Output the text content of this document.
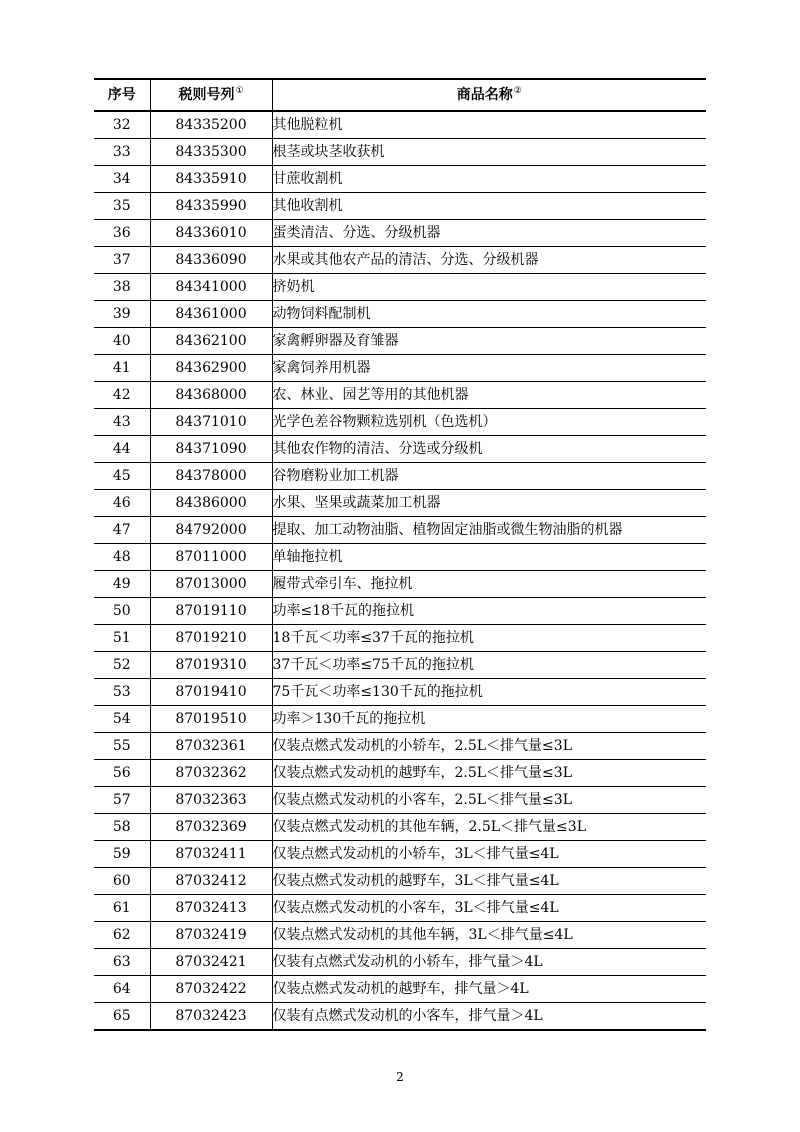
序号	税则号列①	商品名称②
32	84335200	其他脱粒机
33	84335300	根茎或块茎收获机
34	84335910	甘蔗收割机
35	84335990	其他收割机
36	84336010	蛋类清洁、分选、分级机器
37	84336090	水果或其他农产品的清洁、分选、分级机器
38	84341000	挤奶机
39	84361000	动物饲料配制机
40	84362100	家禽孵卵器及育雏器
41	84362900	家禽饲养用机器
42	84368000	农、林业、园艺等用的其他机器
43	84371010	光学色差谷物颗粒选别机（色选机）
44	84371090	其他农作物的清洁、分选或分级机
45	84378000	谷物磨粉业加工机器
46	84386000	水果、坚果或蔬菜加工机器
47	84792000	提取、加工动物油脂、植物固定油脂或微生物油脂的机器
48	87011000	单轴拖拉机
49	87013000	履带式牵引车、拖拉机
50	87019110	功率≤18千瓦的拖拉机
51	87019210	18千瓦＜功率≤37千瓦的拖拉机
52	87019310	37千瓦＜功率≤75千瓦的拖拉机
53	87019410	75千瓦＜功率≤130千瓦的拖拉机
54	87019510	功率＞130千瓦的拖拉机
55	87032361	仅装点燃式发动机的小轿车，2.5L＜排气量≤3L
56	87032362	仅装点燃式发动机的越野车，2.5L＜排气量≤3L
57	87032363	仅装点燃式发动机的小客车，2.5L＜排气量≤3L
58	87032369	仅装点燃式发动机的其他车辆，2.5L＜排气量≤3L
59	87032411	仅装点燃式发动机的小轿车，3L＜排气量≤4L
60	87032412	仅装点燃式发动机的越野车，3L＜排气量≤4L
61	87032413	仅装点燃式发动机的小客车，3L＜排气量≤4L
62	87032419	仅装点燃式发动机的其他车辆，3L＜排气量≤4L
63	87032421	仅装有点燃式发动机的小轿车，排气量＞4L
64	87032422	仅装点燃式发动机的越野车，排气量＞4L
65	87032423	仅装有点燃式发动机的小客车，排气量＞4L
2
